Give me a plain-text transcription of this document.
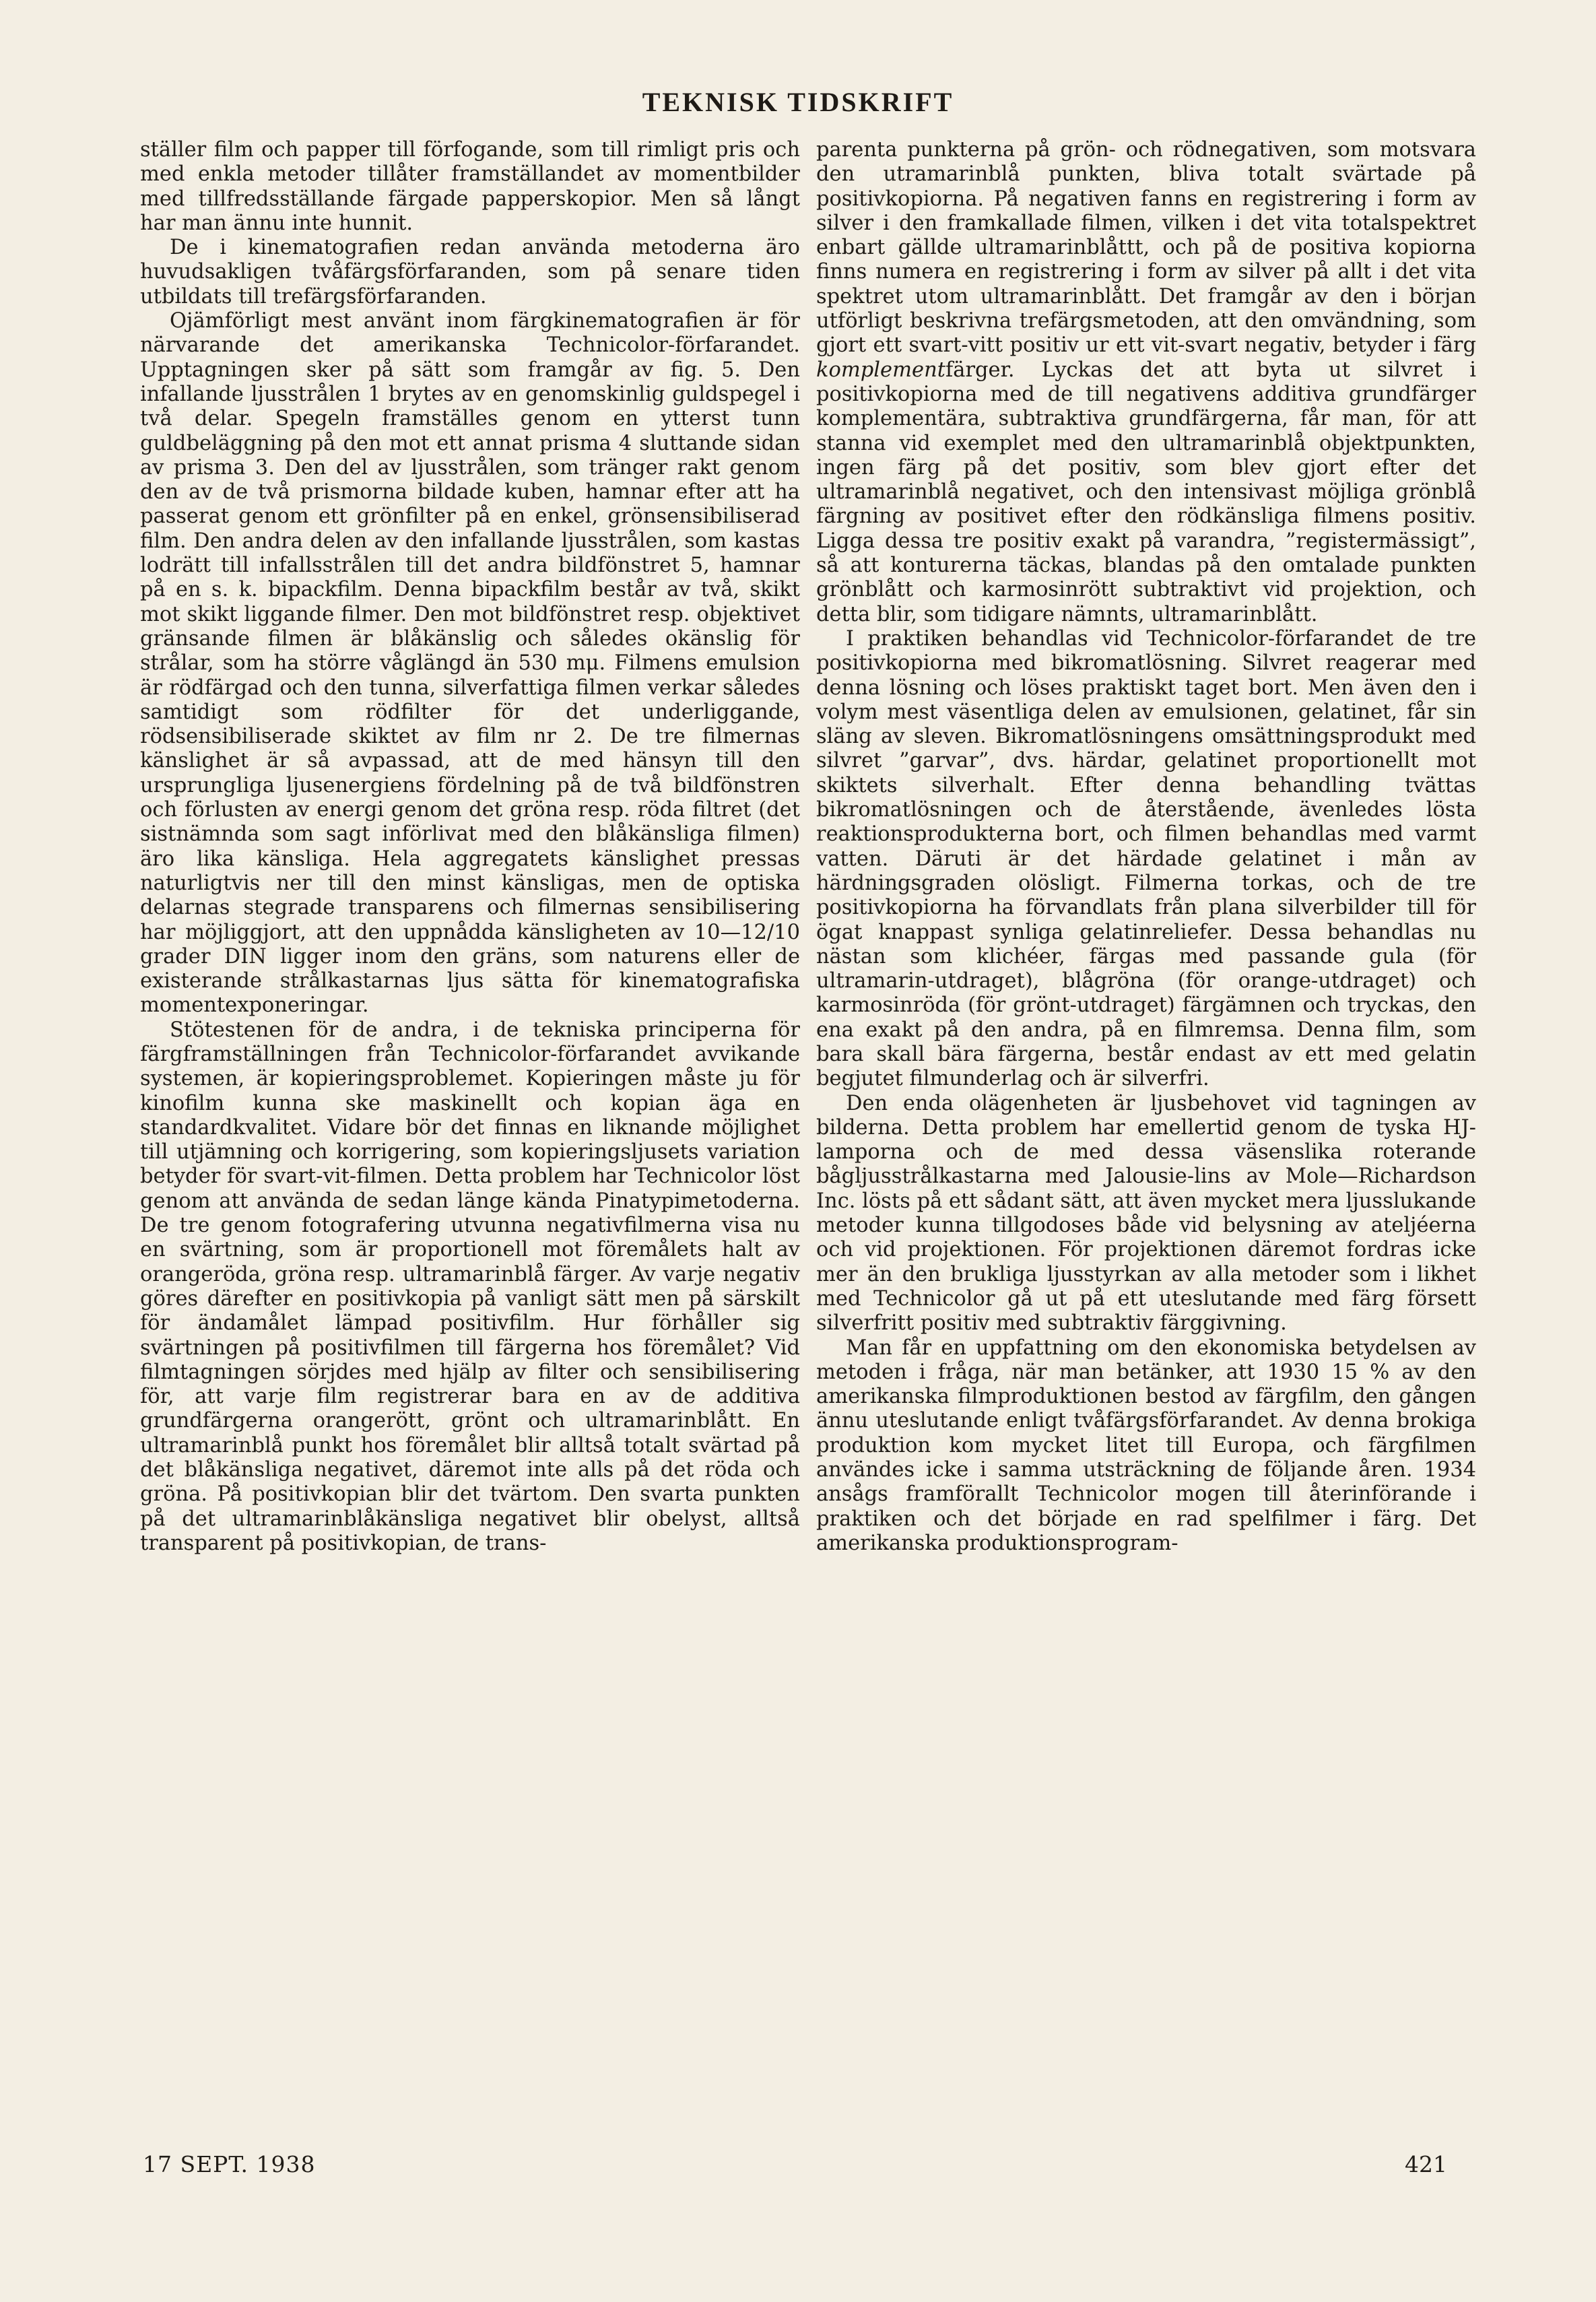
TEKNISK TIDSKRIFT

ställer film och papper till förfogande, som till rimligt pris och med enkla metoder tillåter framställandet av momentbilder med tillfredsställande färgade papperskopior. Men så långt har man ännu inte hunnit.

De i kinematografien redan använda metoderna äro huvudsakligen tvåfärgsförfaranden, som på senare tiden utbildats till trefärgsförfaranden.

Ojämförligt mest använt inom färgkinematografien är för närvarande det amerikanska Technicolor-förfarandet. Upptagningen sker på sätt som framgår av fig. 5. Den infallande ljusstrålen 1 brytes av en genomskinlig guldspegel i två delar. Spegeln framställes genom en ytterst tunn guldbeläggning på den mot ett annat prisma 4 sluttande sidan av prisma 3. Den del av ljusstrålen, som tränger rakt genom den av de två prismorna bildade kuben, hamnar efter att ha passerat genom ett grönfilter på en enkel, grönsensibiliserad film. Den andra delen av den infallande ljusstrålen, som kastas lodrätt till infallsstrålen till det andra bildfönstret 5, hamnar på en s. k. bipackfilm. Denna bipackfilm består av två, skikt mot skikt liggande filmer. Den mot bildfönstret resp. objektivet gränsande filmen är blåkänslig och således okänslig för strålar, som ha större våglängd än 530 mμ. Filmens emulsion är rödfärgad och den tunna, silverfattiga filmen verkar således samtidigt som rödfilter för det underliggande, rödsensibiliserade skiktet av film nr 2. De tre filmernas känslighet är så avpassad, att de med hänsyn till den ursprungliga ljusenergiens fördelning på de två bildfönstren och förlusten av energi genom det gröna resp. röda filtret (det sistnämnda som sagt införlivat med den blåkänsliga filmen) äro lika känsliga. Hela aggregatets känslighet pressas naturligtvis ner till den minst känsligas, men de optiska delarnas stegrade transparens och filmernas sensibilisering har möjliggjort, att den uppnådda känsligheten av 10—12/10 grader DIN ligger inom den gräns, som naturens eller de existerande strålkastarnas ljus sätta för kinematografiska momentexponeringar.

Stötestenen för de andra, i de tekniska principerna för färgframställningen från Technicolor-förfarandet avvikande systemen, är kopieringsproblemet. Kopieringen måste ju för kinofilm kunna ske maskinellt och kopian äga en standardkvalitet. Vidare bör det finnas en liknande möjlighet till utjämning och korrigering, som kopieringsljusets variation betyder för svart-vit-filmen. Detta problem har Technicolor löst genom att använda de sedan länge kända Pinatypimetoderna. De tre genom fotografering utvunna negativfilmerna visa nu en svärtning, som är proportionell mot föremålets halt av orangeröda, gröna resp. ultramarinblå färger. Av varje negativ göres därefter en positivkopia på vanligt sätt men på särskilt för ändamålet lämpad positivfilm. Hur förhåller sig svärtningen på positivfilmen till färgerna hos föremålet? Vid filmtagningen sörjdes med hjälp av filter och sensibilisering för, att varje film registrerar bara en av de additiva grundfärgerna orangerött, grönt och ultramarinblått. En ultramarinblå punkt hos föremålet blir alltså totalt svärtad på det blåkänsliga negativet, däremot inte alls på det röda och gröna. På positivkopian blir det tvärtom. Den svarta punkten på det ultramarinblåkänsliga negativet blir obelyst, alltså transparent på positivkopian, de trans-

parenta punkterna på grön- och rödnegativen, som motsvara den utramarinblå punkten, bliva totalt svärtade på positivkopiorna. På negativen fanns en registrering i form av silver i den framkallade filmen, vilken i det vita totalspektret enbart gällde ultramarinblåttt, och på de positiva kopiorna finns numera en registrering i form av silver på allt i det vita spektret utom ultramarinblått. Det framgår av den i början utförligt beskrivna trefärgsmetoden, att den omvändning, som gjort ett svart-vitt positiv ur ett vit-svart negativ, betyder i färg komplementfärger. Lyckas det att byta ut silvret i positivkopiorna med de till negativens additiva grundfärger komplementära, subtraktiva grundfärgerna, får man, för att stanna vid exemplet med den ultramarinblå objektpunkten, ingen färg på det positiv, som blev gjort efter det ultramarinblå negativet, och den intensivast möjliga grönblå färgning av positivet efter den rödkänsliga filmens positiv. Ligga dessa tre positiv exakt på varandra, ”registermässigt”, så att konturerna täckas, blandas på den omtalade punkten grönblått och karmosinrött subtraktivt vid projektion, och detta blir, som tidigare nämnts, ultramarinblått.

I praktiken behandlas vid Technicolor-förfarandet de tre positivkopiorna med bikromatlösning. Silvret reagerar med denna lösning och löses praktiskt taget bort. Men även den i volym mest väsentliga delen av emulsionen, gelatinet, får sin släng av sleven. Bikromatlösningens omsättningsprodukt med silvret ”garvar”, dvs. härdar, gelatinet proportionellt mot skiktets silverhalt. Efter denna behandling tvättas bikromatlösningen och de återstående, ävenledes lösta reaktionsprodukterna bort, och filmen behandlas med varmt vatten. Däruti är det härdade gelatinet i mån av härdningsgraden olösligt. Filmerna torkas, och de tre positivkopiorna ha förvandlats från plana silverbilder till för ögat knappast synliga gelatinreliefer. Dessa behandlas nu nästan som klichéer, färgas med passande gula (för ultramarin-utdraget), blågröna (för orange-utdraget) och karmosinröda (för grönt-utdraget) färgämnen och tryckas, den ena exakt på den andra, på en filmremsa. Denna film, som bara skall bära färgerna, består endast av ett med gelatin begjutet filmunderlag och är silverfri.

Den enda olägenheten är ljusbehovet vid tagningen av bilderna. Detta problem har emellertid genom de tyska HJ-lamporna och de med dessa väsenslika roterande bågljusstrålkastarna med Jalousie-lins av Mole—Richardson Inc. lösts på ett sådant sätt, att även mycket mera ljusslukande metoder kunna tillgodoses både vid belysning av ateljéerna och vid projektionen. För projektionen däremot fordras icke mer än den brukliga ljusstyrkan av alla metoder som i likhet med Technicolor gå ut på ett uteslutande med färg försett silverfritt positiv med subtraktiv färggivning.

Man får en uppfattning om den ekonomiska betydelsen av metoden i fråga, när man betänker, att 1930 15 % av den amerikanska filmproduktionen bestod av färgfilm, den gången ännu uteslutande enligt tvåfärgsförfarandet. Av denna brokiga produktion kom mycket litet till Europa, och färgfilmen användes icke i samma utsträckning de följande åren. 1934 ansågs framförallt Technicolor mogen till återinförande i praktiken och det började en rad spelfilmer i färg. Det amerikanska produktionsprogram-

17 SEPT. 1938	421
